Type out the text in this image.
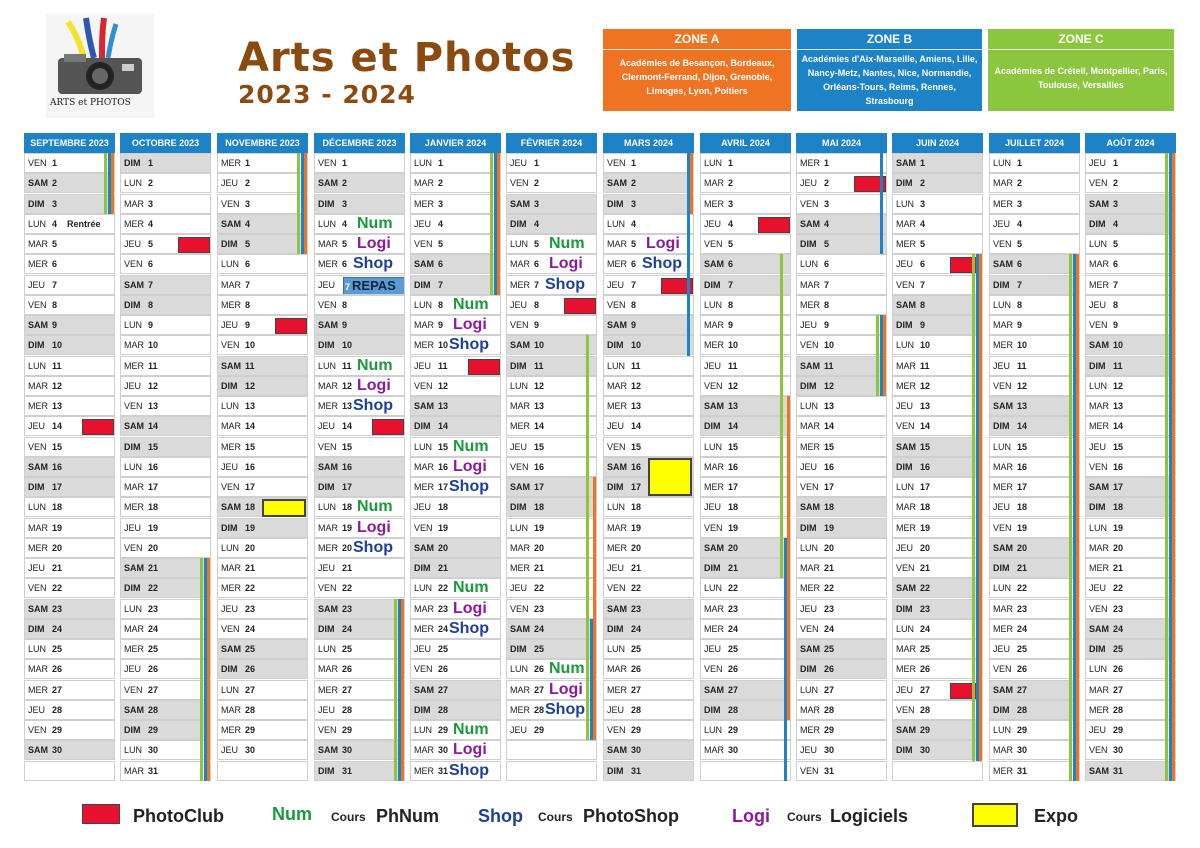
ARTS et PHOTOS
Arts et Photos
2023 - 2024
ZONE A
Académies de Besançon, Bordeaux, Clermont-Ferrand, Dijon, Grenoble, Limoges, Lyon, Poitiers
ZONE B
Académies d'Aix-Marseille, Amiens, Lille, Nancy-Metz, Nantes, Nice, Normandie, Orléans-Tours, Reims, Rennes, Strasbourg
ZONE C
Académies de Créteil, Montpellier, Paris, Toulouse, Versailles
SEPTEMBRE 2023
VEN 1
SAM 2
DIM 3
LUN 4 Rentrée
MAR 5
MER 6
JEU 7
VEN 8
SAM 9
DIM 10
LUN 11
MAR 12
MER 13
JEU 14
VEN 15
SAM 16
DIM 17
LUN 18
MAR 19
MER 20
JEU 21
VEN 22
SAM 23
DIM 24
LUN 25
MAR 26
MER 27
JEU 28
VEN 29
SAM 30
OCTOBRE 2023
DIM 1
LUN 2
MAR 3
MER 4
JEU 5
VEN 6
SAM 7
DIM 8
LUN 9
MAR 10
MER 11
JEU 12
VEN 13
SAM 14
DIM 15
LUN 16
MAR 17
MER 18
JEU 19
VEN 20
SAM 21
DIM 22
LUN 23
MAR 24
MER 25
JEU 26
VEN 27
SAM 28
DIM 29
LUN 30
MAR 31
NOVEMBRE 2023
MER 1
JEU 2
VEN 3
SAM 4
DIM 5
LUN 6
MAR 7
MER 8
JEU 9
VEN 10
SAM 11
DIM 12
LUN 13
MAR 14
MER 15
JEU 16
VEN 17
SAM 18
DIM 19
LUN 20
MAR 21
MER 22
JEU 23
VEN 24
SAM 25
DIM 26
LUN 27
MAR 28
MER 29
JEU 30
DÉCEMBRE 2023
VEN 1
SAM 2
DIM 3
LUN 4 Num
MAR 5 Logi
MER 6 Shop
JEU 7 REPAS
VEN 8
SAM 9
DIM 10
LUN 11 Num
MAR 12 Logi
MER 13 Shop
JEU 14
VEN 15
SAM 16
DIM 17
LUN 18 Num
MAR 19 Logi
MER 20 Shop
JEU 21
VEN 22
SAM 23
DIM 24
LUN 25
MAR 26
MER 27
JEU 28
VEN 29
SAM 30
DIM 31
JANVIER 2024
LUN 1
MAR 2
MER 3
JEU 4
VEN 5
SAM 6
DIM 7
LUN 8 Num
MAR 9 Logi
MER 10 Shop
JEU 11
VEN 12
SAM 13
DIM 14
LUN 15 Num
MAR 16 Logi
MER 17 Shop
JEU 18
VEN 19
SAM 20
DIM 21
LUN 22 Num
MAR 23 Logi
MER 24 Shop
JEU 25
VEN 26
SAM 27
DIM 28
LUN 29 Num
MAR 30 Logi
MER 31 Shop
FÉVRIER 2024
JEU 1
VEN 2
SAM 3
DIM 4
LUN 5 Num
MAR 6 Logi
MER 7 Shop
JEU 8
VEN 9
SAM 10
DIM 11
LUN 12
MAR 13
MER 14
JEU 15
VEN 16
SAM 17
DIM 18
LUN 19
MAR 20
MER 21
JEU 22
VEN 23
SAM 24
DIM 25
LUN 26 Num
MAR 27 Logi
MER 28 Shop
JEU 29
MARS 2024
VEN 1
SAM 2
DIM 3
LUN 4
MAR 5 Logi
MER 6 Shop
JEU 7
VEN 8
SAM 9
DIM 10
LUN 11
MAR 12
MER 13
JEU 14
VEN 15
SAM 16
DIM 17
LUN 18
MAR 19
MER 20
JEU 21
VEN 22
SAM 23
DIM 24
LUN 25
MAR 26
MER 27
JEU 28
VEN 29
SAM 30
DIM 31
AVRIL 2024
LUN 1
MAR 2
MER 3
JEU 4
VEN 5
SAM 6
DIM 7
LUN 8
MAR 9
MER 10
JEU 11
VEN 12
SAM 13
DIM 14
LUN 15
MAR 16
MER 17
JEU 18
VEN 19
SAM 20
DIM 21
LUN 22
MAR 23
MER 24
JEU 25
VEN 26
SAM 27
DIM 28
LUN 29
MAR 30
MAI 2024
MER 1
JEU 2
VEN 3
SAM 4
DIM 5
LUN 6
MAR 7
MER 8
JEU 9
VEN 10
SAM 11
DIM 12
LUN 13
MAR 14
MER 15
JEU 16
VEN 17
SAM 18
DIM 19
LUN 20
MAR 21
MER 22
JEU 23
VEN 24
SAM 25
DIM 26
LUN 27
MAR 28
MER 29
JEU 30
VEN 31
JUIN 2024
SAM 1
DIM 2
LUN 3
MAR 4
MER 5
JEU 6
VEN 7
SAM 8
DIM 9
LUN 10
MAR 11
MER 12
JEU 13
VEN 14
SAM 15
DIM 16
LUN 17
MAR 18
MER 19
JEU 20
VEN 21
SAM 22
DIM 23
LUN 24
MAR 25
MER 26
JEU 27
VEN 28
SAM 29
DIM 30
JUILLET 2024
LUN 1
MAR 2
MER 3
JEU 4
VEN 5
SAM 6
DIM 7
LUN 8
MAR 9
MER 10
JEU 11
VEN 12
SAM 13
DIM 14
LUN 15
MAR 16
MER 17
JEU 18
VEN 19
SAM 20
DIM 21
LUN 22
MAR 23
MER 24
JEU 25
VEN 26
SAM 27
DIM 28
LUN 29
MAR 30
MER 31
AOÛT 2024
JEU 1
VEN 2
SAM 3
DIM 4
LUN 5
MAR 6
MER 7
JEU 8
VEN 9
SAM 10
DIM 11
LUN 12
MAR 13
MER 14
JEU 15
VEN 16
SAM 17
DIM 18
LUN 19
MAR 20
MER 21
JEU 22
VEN 23
SAM 24
DIM 25
LUN 26
MAR 27
MER 28
JEU 29
VEN 30
SAM 31
PhotoClub	Num Cours PhNum Shop Cours PhotoShop	Logi Cours Logiciels	Expo
